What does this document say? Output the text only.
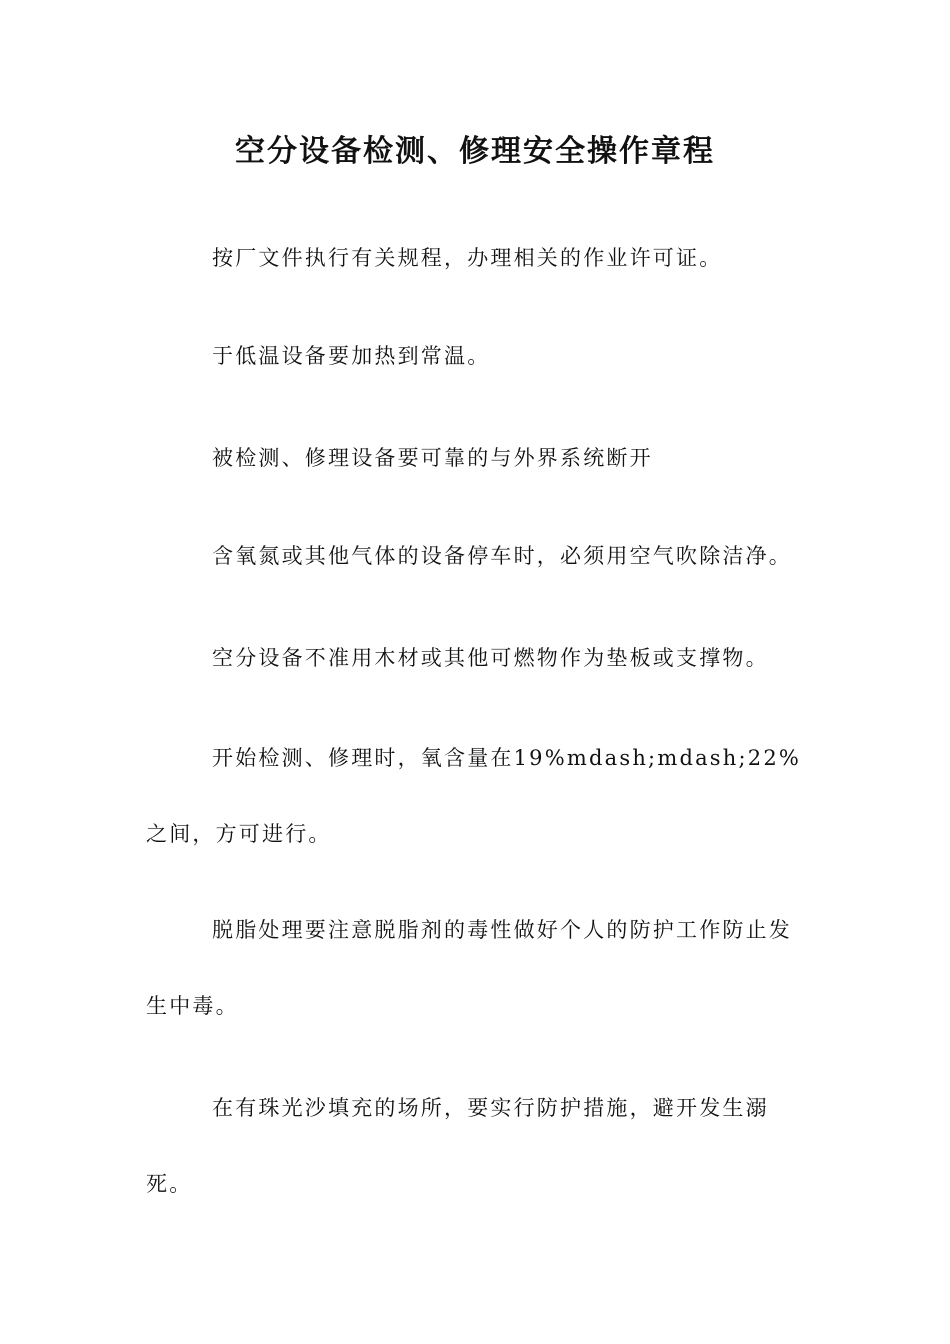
空分设备检测、修理安全操作章程

按厂文件执行有关规程，办理相关的作业许可证。

于低温设备要加热到常温。

被检测、修理设备要可靠的与外界系统断开

含氧氮或其他气体的设备停车时，必须用空气吹除洁净。

空分设备不准用木材或其他可燃物作为垫板或支撑物。

开始检测、修理时，氧含量在19%mdash;mdash;22%之间，方可进行。

脱脂处理要注意脱脂剂的毒性做好个人的防护工作防止发生中毒。

在有珠光沙填充的场所，要实行防护措施，避开发生溺死。
